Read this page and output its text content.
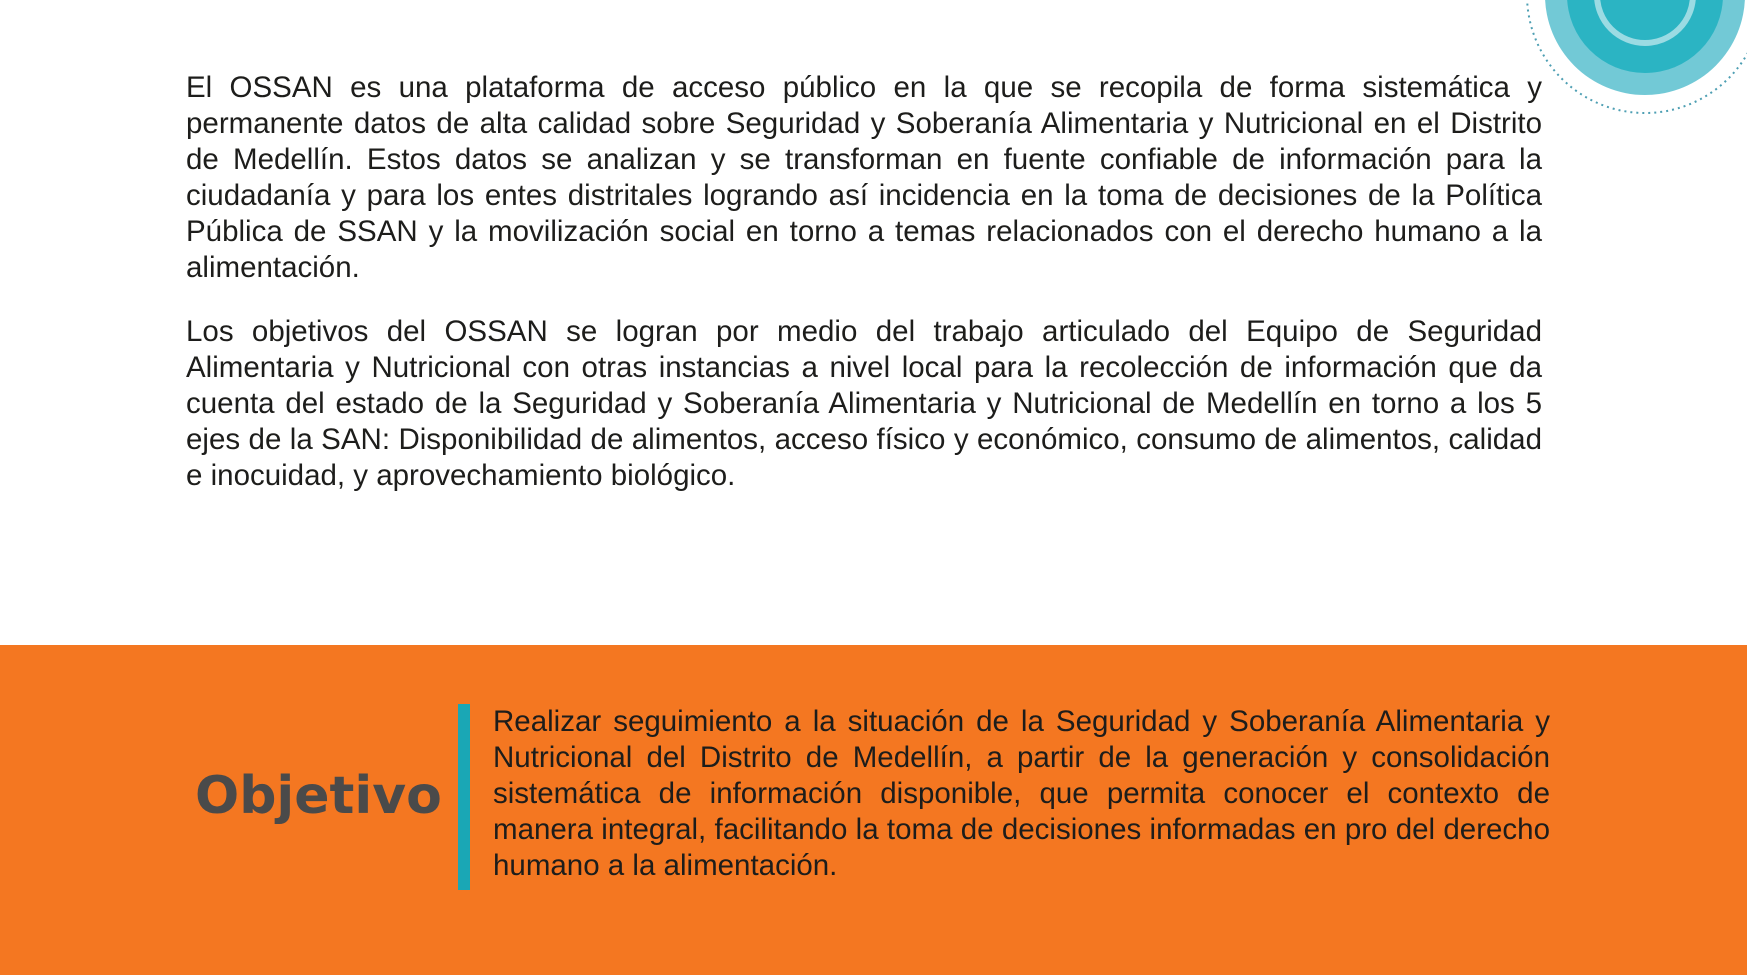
El OSSAN es una plataforma de acceso público en la que se recopila de forma sistemática y permanente datos de alta calidad sobre Seguridad y Soberanía Alimentaria y Nutricional en el Distrito de Medellín. Estos datos se analizan y se transforman en fuente confiable de información para la ciudadanía y para los entes distritales logrando así incidencia en la toma de decisiones de la Política Pública de SSAN y la movilización social en torno a temas relacionados con el derecho humano a la alimentación.

Los objetivos del OSSAN se logran por medio del trabajo articulado del Equipo de Seguridad Alimentaria y Nutricional con otras instancias a nivel local para la recolección de información que da cuenta del estado de la Seguridad y Soberanía Alimentaria y Nutricional de Medellín en torno a los 5 ejes de la SAN: Disponibilidad de alimentos, acceso físico y económico, consumo de alimentos, calidad e inocuidad, y aprovechamiento biológico.

Objetivo

Realizar seguimiento a la situación de la Seguridad y Soberanía Alimentaria y Nutricional del Distrito de Medellín, a partir de la generación y consolidación sistemática de información disponible, que permita conocer el contexto de manera integral, facilitando la toma de decisiones informadas en pro del derecho humano a la alimentación.
